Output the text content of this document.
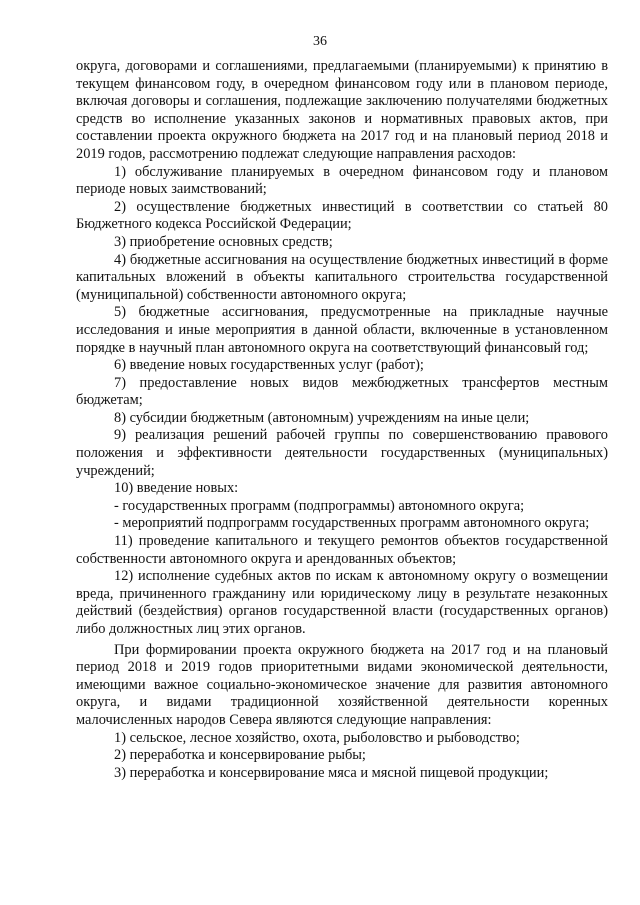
36

округа, договорами и соглашениями, предлагаемыми (планируемыми) к принятию в текущем финансовом году, в очередном финансовом году или в плановом периоде, включая договоры и соглашения, подлежащие заключению получателями бюджетных средств во исполнение указанных законов и нормативных правовых актов, при составлении проекта окружного бюджета на 2017 год и на плановый период 2018 и 2019 годов, рассмотрению подлежат следующие направления расходов:

1) обслуживание планируемых в очередном финансовом году и плановом периоде новых заимствований;

2) осуществление бюджетных инвестиций в соответствии со статьей 80 Бюджетного кодекса Российской Федерации;

3) приобретение основных средств;

4) бюджетные ассигнования на осуществление бюджетных инвестиций в форме капитальных вложений в объекты капитального строительства государственной (муниципальной) собственности автономного округа;

5) бюджетные ассигнования, предусмотренные на прикладные научные исследования и иные мероприятия в данной области, включенные в установленном порядке в научный план автономного округа на соответствующий финансовый год;

6) введение новых государственных услуг (работ);

7) предоставление новых видов межбюджетных трансфертов местным бюджетам;

8) субсидии бюджетным (автономным) учреждениям на иные цели;

9) реализация решений рабочей группы по совершенствованию правового положения и эффективности деятельности государственных (муниципальных) учреждений;

10) введение новых:

- государственных программ (подпрограммы) автономного округа;

- мероприятий подпрограмм государственных программ автономного округа;

11) проведение капитального и текущего ремонтов объектов государственной собственности автономного округа и арендованных объектов;

12) исполнение судебных актов по искам к автономному округу о возмещении вреда, причиненного гражданину или юридическому лицу в результате незаконных действий (бездействия) органов государственной власти (государственных органов) либо должностных лиц этих органов.

При формировании проекта окружного бюджета на 2017 год и на плановый период 2018 и 2019 годов приоритетными видами экономической деятельности, имеющими важное социально-экономическое значение для развития автономного округа, и видами традиционной хозяйственной деятельности коренных малочисленных народов Севера являются следующие направления:

1) сельское, лесное хозяйство, охота, рыболовство и рыбоводство;

2) переработка и консервирование рыбы;

3) переработка и консервирование мяса и мясной пищевой продукции;
